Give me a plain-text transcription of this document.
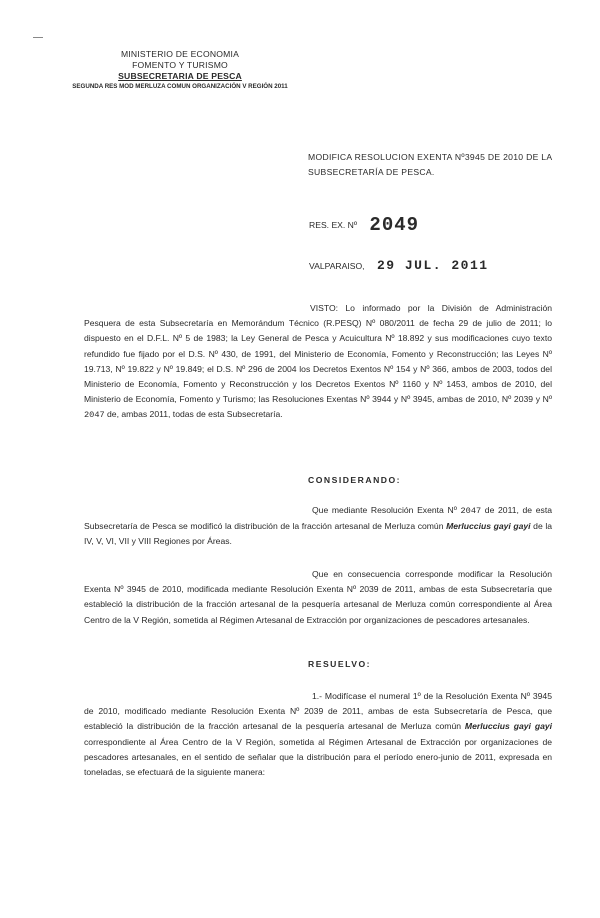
MINISTERIO DE ECONOMIA
FOMENTO Y TURISMO
SUBSECRETARIA DE PESCA
SEGUNDA RES MOD MERLUZA COMUN ORGANIZACIÓN V REGIÓN 2011
MODIFICA RESOLUCION EXENTA Nº3945 DE 2010 DE LA SUBSECRETARÍA DE PESCA.
RES. EX. Nº 2049
VALPARAISO, 29 JUL. 2011
VISTO: Lo informado por la División de Administración Pesquera de esta Subsecretaría en Memorándum Técnico (R.PESQ) Nº 080/2011 de fecha 29 de julio de 2011; lo dispuesto en el D.F.L. Nº 5 de 1983; la Ley General de Pesca y Acuicultura Nº 18.892 y sus modificaciones cuyo texto refundido fue fijado por el D.S. Nº 430, de 1991, del Ministerio de Economía, Fomento y Reconstrucción; las Leyes Nº 19.713, Nº 19.822 y Nº 19.849; el D.S. Nº 296 de 2004 los Decretos Exentos Nº 154 y Nº 366, ambos de 2003, todos del Ministerio de Economía, Fomento y Reconstrucción y los Decretos Exentos Nº 1160 y Nº 1453, ambos de 2010, del Ministerio de Economía, Fomento y Turismo; las Resoluciones Exentas Nº 3944 y Nº 3945, ambas de 2010, Nº 2039 y Nº 2047 de, ambas 2011, todas de esta Subsecretaría.
CONSIDERANDO:
Que mediante Resolución Exenta Nº 2047 de 2011, de esta Subsecretaría de Pesca se modificó la distribución de la fracción artesanal de Merluza común Merluccius gayi gayi de la IV, V, VI, VII y VIII Regiones por Áreas.
Que en consecuencia corresponde modificar la Resolución Exenta Nº 3945 de 2010, modificada mediante Resolución Exenta Nº 2039 de 2011, ambas de esta Subsecretaría que estableció la distribución de la fracción artesanal de la pesquería artesanal de Merluza común correspondiente al Área Centro de la V Región, sometida al Régimen Artesanal de Extracción por organizaciones de pescadores artesanales.
RESUELVO:
1.- Modifícase el numeral 1º de la Resolución Exenta Nº 3945 de 2010, modificado mediante Resolución Exenta Nº 2039 de 2011, ambas de esta Subsecretaría de Pesca, que estableció la distribución de la fracción artesanal de la pesquería artesanal de Merluza común Merluccius gayi gayi correspondiente al Área Centro de la V Región, sometida al Régimen Artesanal de Extracción por organizaciones de pescadores artesanales, en el sentido de señalar que la distribución para el período enero-junio de 2011, expresada en toneladas, se efectuará de la siguiente manera:
